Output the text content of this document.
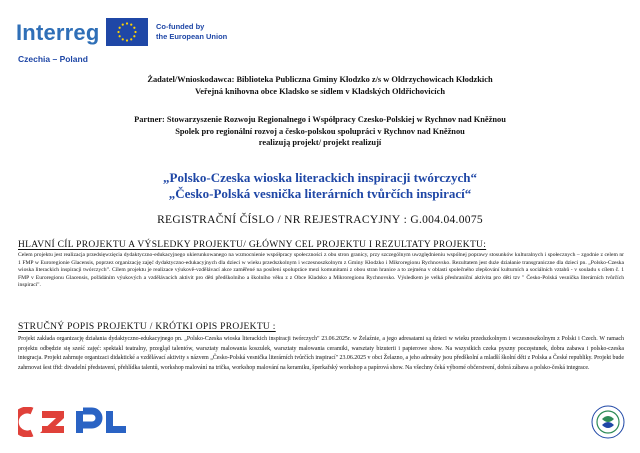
Interreg	Co-funded by
the European Union
Czechia – Poland
Żadatel/Wnioskodawca: Biblioteka Publiczna Gminy Kłodzko z/s w Oldrzychowicach Kłodzkich
Veřejná knihovna obce Kladsko se sídlem v Kladských Oldřichovicích
Partner: Stowarzyszenie Rozwoju Regionalnego i Współpracy Czesko-Polskiej w Rychnov nad Kněžnou
Spolek pro regionální rozvoj a česko-polskou spolupráci v Rychnov nad Kněžnou
realizują projekt/ projekt realizují
„Polsko-Czeska wioska literackich inspiracji twórczych“
„Česko-Polská vesnička literárních tvůrčích inspirací“
REGISTRAČNÍ ČÍSLO / NR REJESTRACYJNY : G.004.04.0075
HLAVNÍ CÍL PROJEKTU A VÝSLEDKY PROJEKTU/ GŁÓWNY CEL PROJEKTU I REZULTATY PROJEKTU:
Celem projektu jest realizacja przedsięwzięcia dydaktyczno-edukacyjnego ukierunkowanego na wzmocnienie współpracy społeczności z obu stron granicy, przy szczególnym uwzględnieniu wspólnej poprawy stosunków kulturalnych i społecznych – zgodnie z celem nr 1 FMP w Euroregionie Glacensis, poprzez organizację zajęć dydaktyczno-edukacyjnych dla dzieci w wieku przedszkolnym i wczesnoszkolnym z Gminy Kłodzko i Mikroregionu Rychnovsko. Rezultatem jest duże działanie transgraniczne dla dzieci pn. „Polsko-Czeska wioska literackich inspiracji twórczych”. Cílem projektu je realizace výukově-vzdělávací akce zaměřené na posílení spolupráce mezi komunitami z obou stran hranice a to zejména v oblasti společného zlepšování kulturních a sociálních vztahů - v souladu s cílem č. 1 FMP v Euroregionu Glacensis, pořádáním výukových a vzdělávacích aktivit pro děti předškolního a školního věku z z Obce Kladsko a Mikroregionu Rychnovsko. Výsledkem je velká přeshraniční aktivita pro děti tzv " Česko-Polská vesnička literárních tvůrčích inspirací".
STRUČNÝ POPIS PROJEKTU / KRÓTKI OPIS PROJEKTU :
Projekt zakłada organizację działania dydaktyczno-edukacyjnego pn. „Polsko-Czeska wioska literackich inspiracji twórczych" 23.06.2025r. w Żelaźnie, a jego adresatami są dzieci w wieku przedszkolnym i wczesnoszkolnym z Polski i Czech. W ramach projektu odbędzie się sześć zajęć: spektakl teatralny, przegląd talentów, warsztaty malowania koszulek, warsztaty malowania ceramiki, warsztaty bizuterii i papierowe show. Na wszystkich czeka pyszny poczęstunek, dobra zabawa i polsko-czeska integracja. Projekt zahrnuje organizaci didaktické a vzdělávací aktivity s názvem „Česko-Polská vesnička literárních tvůrčích inspirací" 23.06.2025 v obci Želazno, a jeho adresáty jsou předškolní a mladší školní děti z Polska a České republiky. Projekt bude zahrnovat šest třid: divadelní představení, přehlídka talentů, workshop malování na trička, workshop malování na keramiku, šperkařský workshop a papírová show. Na všechny čeká výborné občerstvení, dobrá zábava a polsko-česká integrace.
